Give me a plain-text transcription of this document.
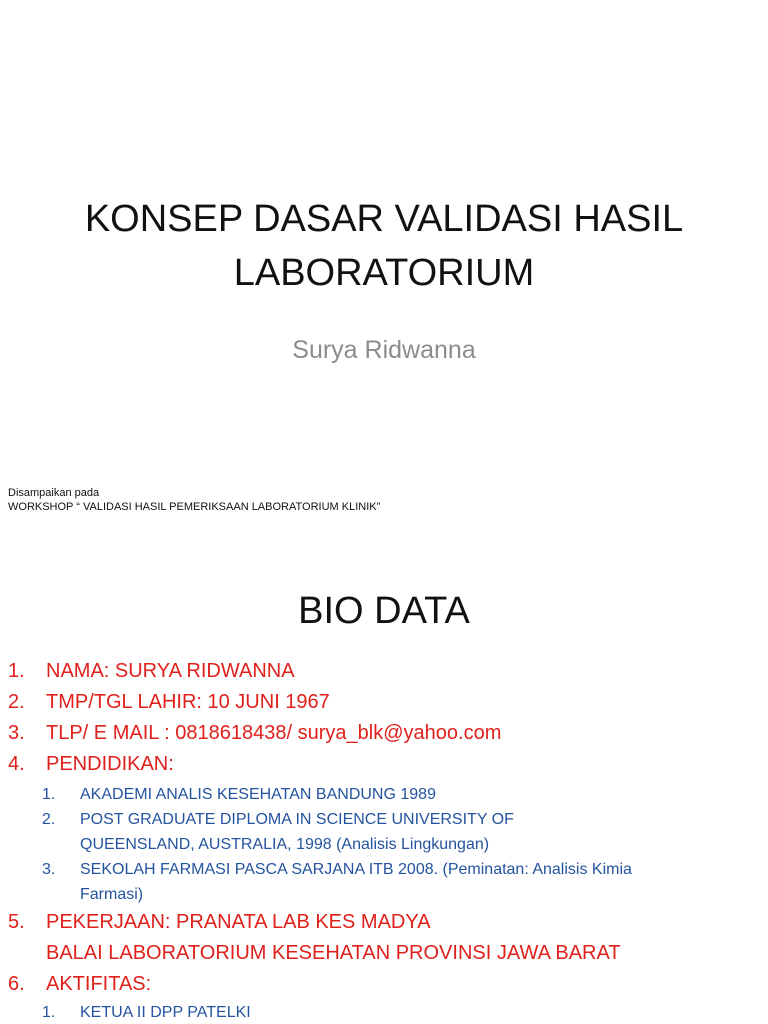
KONSEP DASAR VALIDASI HASIL
LABORATORIUM
Surya Ridwanna
Disampaikan pada
WORKSHOP “ VALIDASI HASIL PEMERIKSAAN LABORATORIUM KLINIK”
BIO DATA
1.	NAMA: SURYA RIDWANNA
2.	TMP/TGL LAHIR: 10 JUNI 1967
3.	TLP/ E MAIL : 0818618438/ surya_blk@yahoo.com
4.	PENDIDIKAN:
1.	AKADEMI ANALIS KESEHATAN BANDUNG 1989
2.	POST GRADUATE DIPLOMA IN SCIENCE UNIVERSITY OF
QUEENSLAND, AUSTRALIA, 1998 (Analisis Lingkungan)
3.	SEKOLAH FARMASI PASCA SARJANA ITB 2008. (Peminatan: Analisis Kimia
Farmasi)
5.	PEKERJAAN: PRANATA LAB KES MADYA
BALAI LABORATORIUM KESEHATAN PROVINSI JAWA BARAT
6.	AKTIFITAS:
1.	KETUA II DPP PATELKI
